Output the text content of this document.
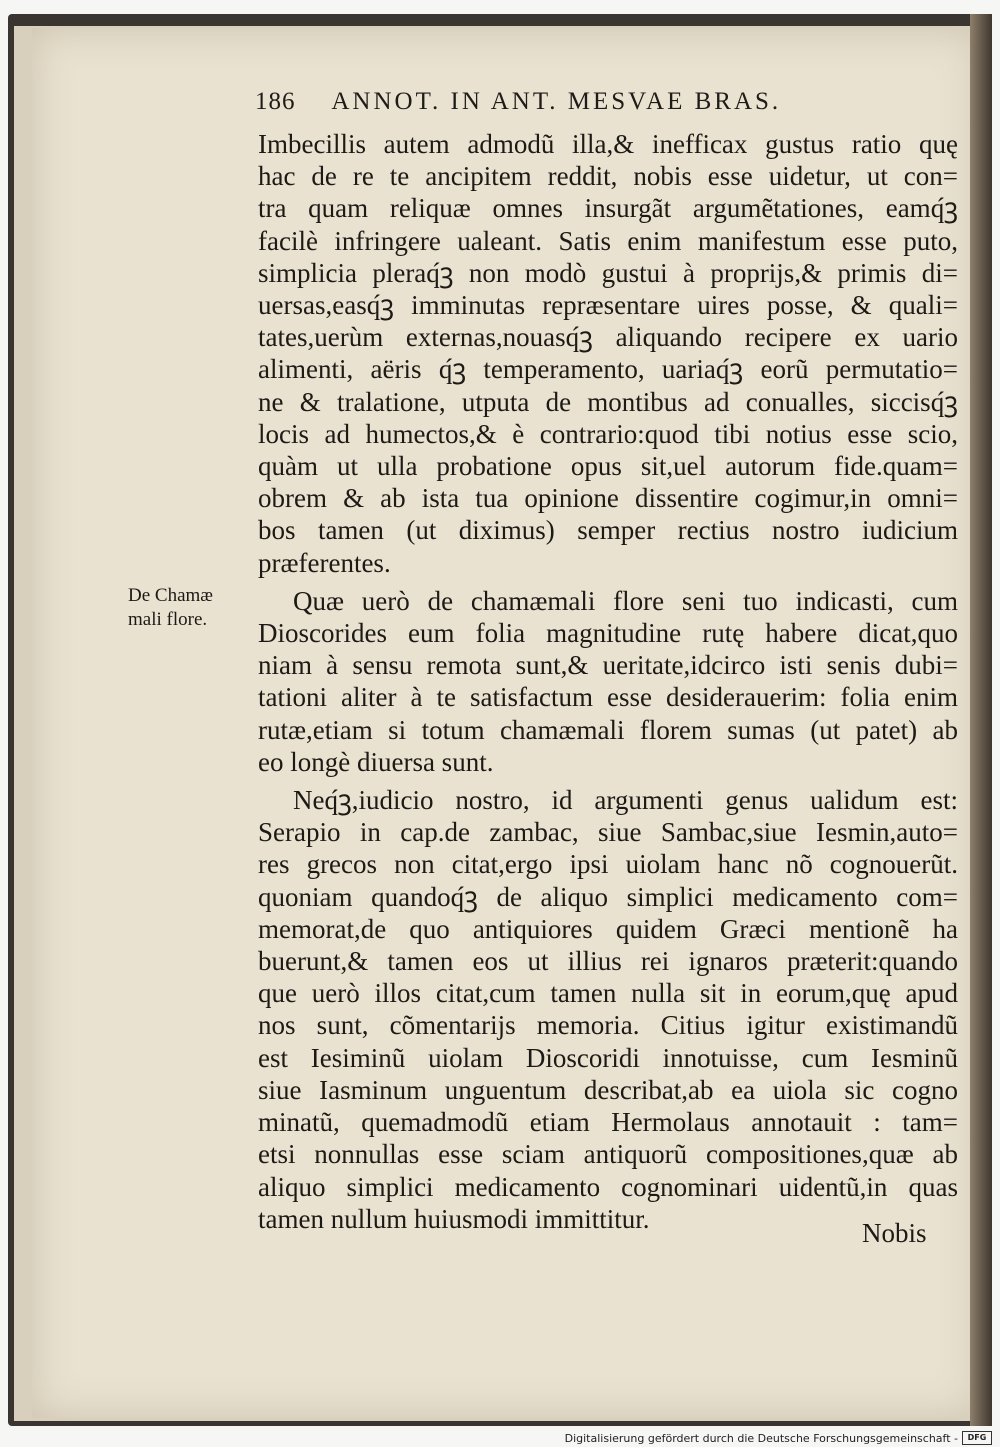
186 ANNOT. IN ANT. MESVAE BRAS.
De Chamæ
mali flore.
Imbecillis autem admodũ illa,& inefficax gustus ratio quę
hac de re te ancipitem reddit, nobis esse uidetur, ut con=
tra quam reliquæ omnes insurgãt argumẽtationes, eamq́ꝫ
facilè infringere ualeant. Satis enim manifestum esse puto,
simplicia pleraq́ꝫ non modò gustui à proprijs,& primis di=
uersas,easq́ꝫ imminutas repræsentare uires posse, & quali=
tates,uerùm externas,nouasq́ꝫ aliquando recipere ex uario
alimenti, aëris q́ꝫ temperamento, uariaq́ꝫ eorũ permutatio=
ne & tralatione, utputa de montibus ad conualles, siccisq́ꝫ
locis ad humectos,& è contrario:quod tibi notius esse scio,
quàm ut ulla probatione opus sit,uel autorum fide.quam=
obrem & ab ista tua opinione dissentire cogimur,in omni=
bos tamen (ut diximus) semper rectius nostro iudicium
præferentes.
Quæ uerò de chamæmali flore seni tuo indicasti, cum
Dioscorides eum folia magnitudine rutę habere dicat,quo
niam à sensu remota sunt,& ueritate,idcirco isti senis dubi=
tationi aliter à te satisfactum esse desiderauerim: folia enim
rutæ,etiam si totum chamæmali florem sumas (ut patet) ab
eo longè diuersa sunt.
Neq́ꝫ,iudicio nostro, id argumenti genus ualidum est:
Serapio in cap.de zambac, siue Sambac,siue Iesmin,auto=
res grecos non citat,ergo ipsi uiolam hanc nõ cognouerũt.
quoniam quandoq́ꝫ de aliquo simplici medicamento com=
memorat,de quo antiquiores quidem Græci mentionẽ ha
buerunt,& tamen eos ut illius rei ignaros præterit:quando
que uerò illos citat,cum tamen nulla sit in eorum,quę apud
nos sunt, cõmentarijs memoria. Citius igitur existimandũ
est Iesiminũ uiolam Dioscoridi innotuisse, cum Iesminũ
siue Iasminum unguentum describat,ab ea uiola sic cogno
minatũ, quemadmodũ etiam Hermolaus annotauit : tam=
etsi nonnullas esse sciam antiquorũ compositiones,quæ ab
aliquo simplici medicamento cognominari uidentũ,in quas
tamen nullum huiusmodi immittitur.	Nobis
Digitalisierung gefördert durch die Deutsche Forschungsgemeinschaft -	DFG
